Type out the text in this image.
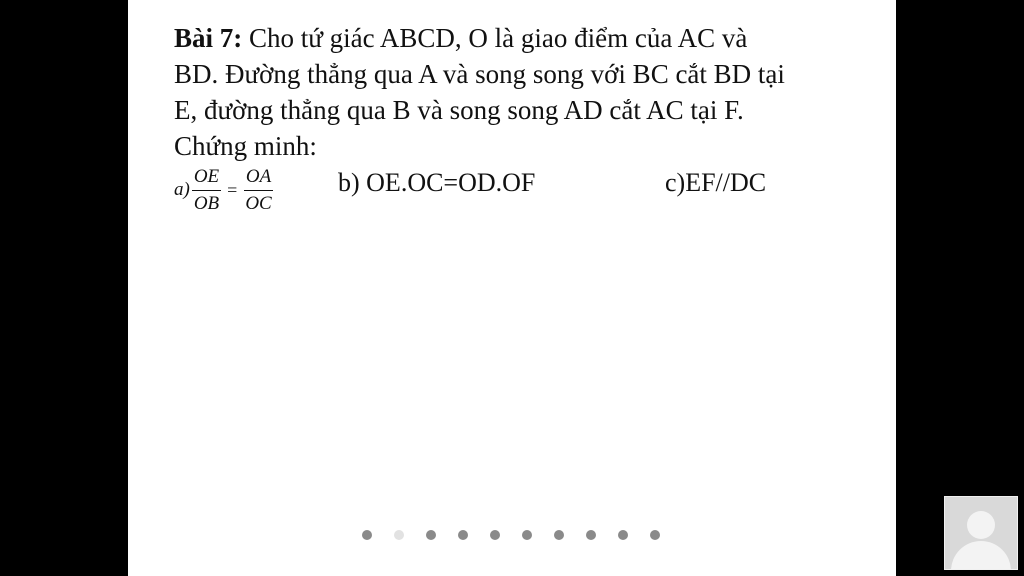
Bài 7: Cho tứ giác ABCD, O là giao điểm của AC và
BD. Đường thẳng qua A và song song với BC cắt BD tại
E, đường thẳng qua B và song song AD cắt AC tại F.
Chứng minh:
$a) \frac{OE}{OB} = \frac{OA}{OC} b$) OE.OC=OD.OF	c)EF//DC
